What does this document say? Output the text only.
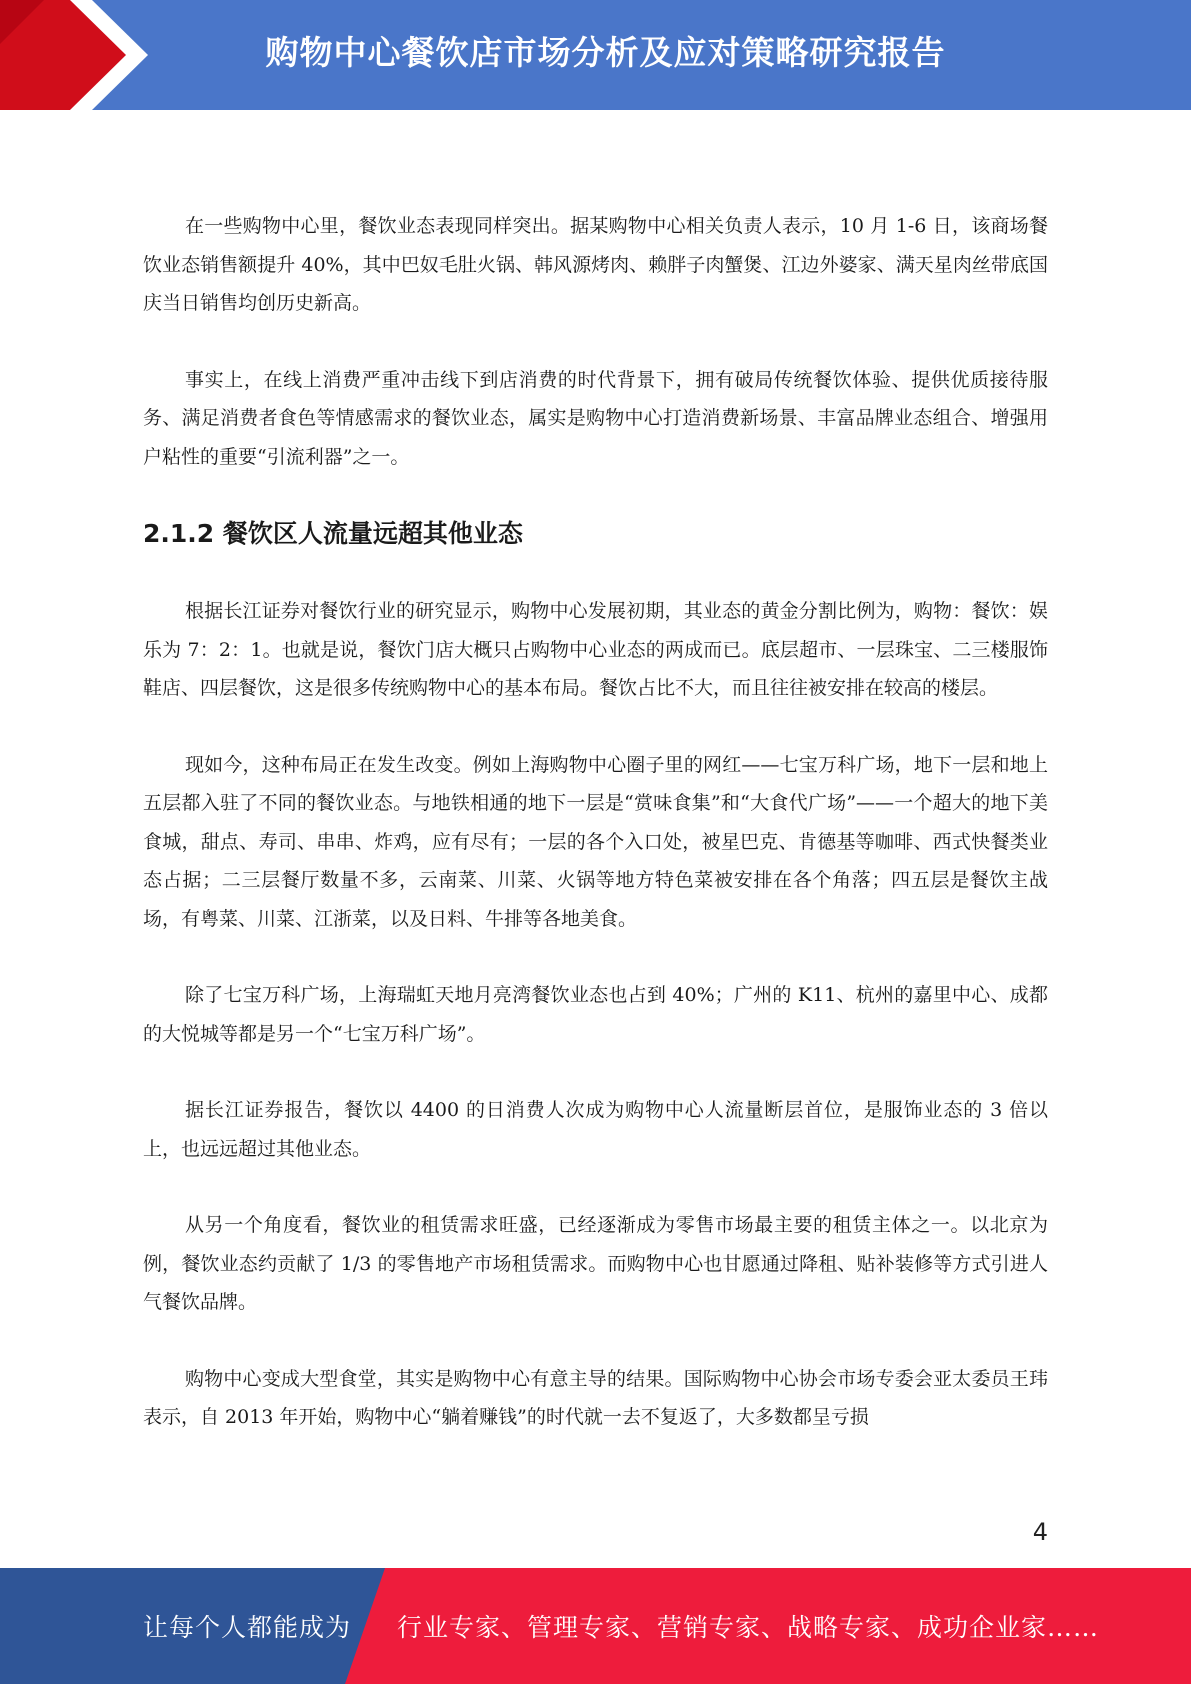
购物中心餐饮店市场分析及应对策略研究报告

在一些购物中心里，餐饮业态表现同样突出。据某购物中心相关负责人表示，10 月 1-6 日，该商场餐饮业态销售额提升 40%，其中巴奴毛肚火锅、韩风源烤肉、赖胖子肉蟹煲、江边外婆家、满天星肉丝带底国庆当日销售均创历史新高。

事实上，在线上消费严重冲击线下到店消费的时代背景下，拥有破局传统餐饮体验、提供优质接待服务、满足消费者食色等情感需求的餐饮业态，属实是购物中心打造消费新场景、丰富品牌业态组合、增强用户粘性的重要“引流利器”之一。

2.1.2 餐饮区人流量远超其他业态

根据长江证券对餐饮行业的研究显示，购物中心发展初期，其业态的黄金分割比例为，购物：餐饮：娱乐为 7：2：1。也就是说，餐饮门店大概只占购物中心业态的两成而已。底层超市、一层珠宝、二三楼服饰鞋店、四层餐饮，这是很多传统购物中心的基本布局。餐饮占比不大，而且往往被安排在较高的楼层。

现如今，这种布局正在发生改变。例如上海购物中心圈子里的网红——七宝万科广场，地下一层和地上五层都入驻了不同的餐饮业态。与地铁相通的地下一层是“赏味食集”和“大食代广场”——一个超大的地下美食城，甜点、寿司、串串、炸鸡，应有尽有；一层的各个入口处，被星巴克、肯德基等咖啡、西式快餐类业态占据；二三层餐厅数量不多，云南菜、川菜、火锅等地方特色菜被安排在各个角落；四五层是餐饮主战场，有粤菜、川菜、江浙菜，以及日料、牛排等各地美食。

除了七宝万科广场，上海瑞虹天地月亮湾餐饮业态也占到 40%；广州的 K11、杭州的嘉里中心、成都的大悦城等都是另一个“七宝万科广场”。

据长江证券报告，餐饮以 4400 的日消费人次成为购物中心人流量断层首位，是服饰业态的 3 倍以上，也远远超过其他业态。

从另一个角度看，餐饮业的租赁需求旺盛，已经逐渐成为零售市场最主要的租赁主体之一。以北京为例，餐饮业态约贡献了 1/3 的零售地产市场租赁需求。而购物中心也甘愿通过降租、贴补装修等方式引进人气餐饮品牌。

购物中心变成大型食堂，其实是购物中心有意主导的结果。国际购物中心协会市场专委会亚太委员王玮表示，自 2013 年开始，购物中心“躺着赚钱”的时代就一去不复返了，大多数都呈亏损

4
让每个人都能成为 行业专家、管理专家、营销专家、战略专家、成功企业家……
